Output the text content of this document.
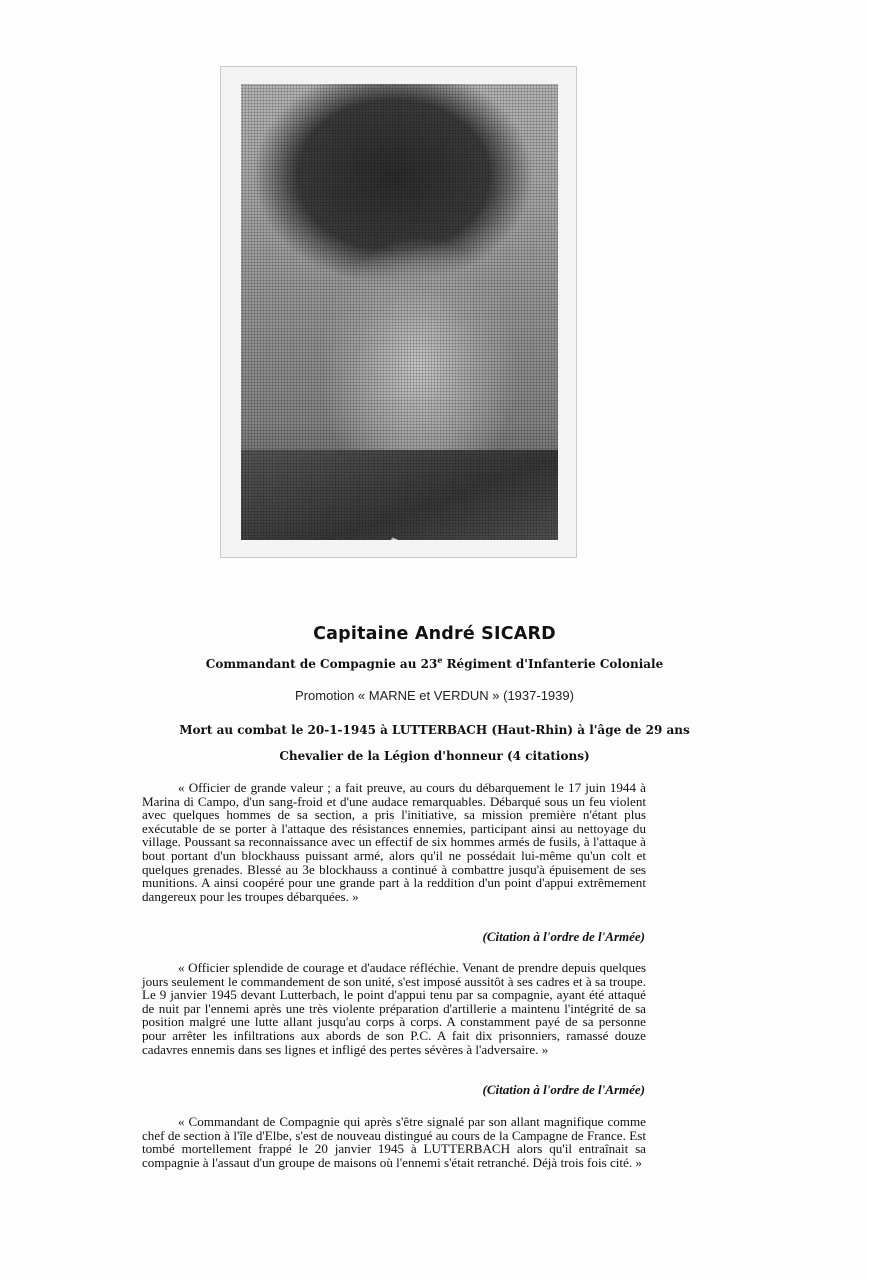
Capitaine André SICARD
Commandant de Compagnie au 23e Régiment d'Infanterie Coloniale
Promotion « MARNE et VERDUN » (1937-1939)
Mort au combat le 20-1-1945 à LUTTERBACH (Haut-Rhin) à l'âge de 29 ans
Chevalier de la Légion d'honneur (4 citations)

« Officier de grande valeur ; a fait preuve, au cours du débarquement le 17 juin 1944 à Marina di Campo, d'un sang-froid et d'une audace remarquables. Débarqué sous un feu violent avec quelques hommes de sa section, a pris l'initiative, sa mission première n'étant plus exécutable de se porter à l'attaque des résistances ennemies, participant ainsi au nettoyage du village. Poussant sa reconnaissance avec un effectif de six hommes armés de fusils, à l'attaque à bout portant d'un blockhauss puissant armé, alors qu'il ne possédait lui-même qu'un colt et quelques grenades. Blessé au 3e blockhauss a continué à combattre jusqu'à épuisement de ses munitions. A ainsi coopéré pour une grande part à la reddition d'un point d'appui extrêmement dangereux pour les troupes débarquées. »

(Citation à l'ordre de l'Armée)

« Officier splendide de courage et d'audace réfléchie. Venant de prendre depuis quelques jours seulement le commandement de son unité, s'est imposé aussitôt à ses cadres et à sa troupe. Le 9 janvier 1945 devant Lutterbach, le point d'appui tenu par sa compagnie, ayant été attaqué de nuit par l'ennemi après une très violente préparation d'artillerie a maintenu l'intégrité de sa position malgré une lutte allant jusqu'au corps à corps. A constamment payé de sa personne pour arrêter les infiltrations aux abords de son P.C. A fait dix prisonniers, ramassé douze cadavres ennemis dans ses lignes et infligé des pertes sévères à l'adversaire. »

(Citation à l'ordre de l'Armée)

« Commandant de Compagnie qui après s'être signalé par son allant magnifique comme chef de section à l'île d'Elbe, s'est de nouveau distingué au cours de la Campagne de France. Est tombé mortellement frappé le 20 janvier 1945 à LUTTERBACH alors qu'il entraînait sa compagnie à l'assaut d'un groupe de maisons où l'ennemi s'était retranché. Déjà trois fois cité. »
